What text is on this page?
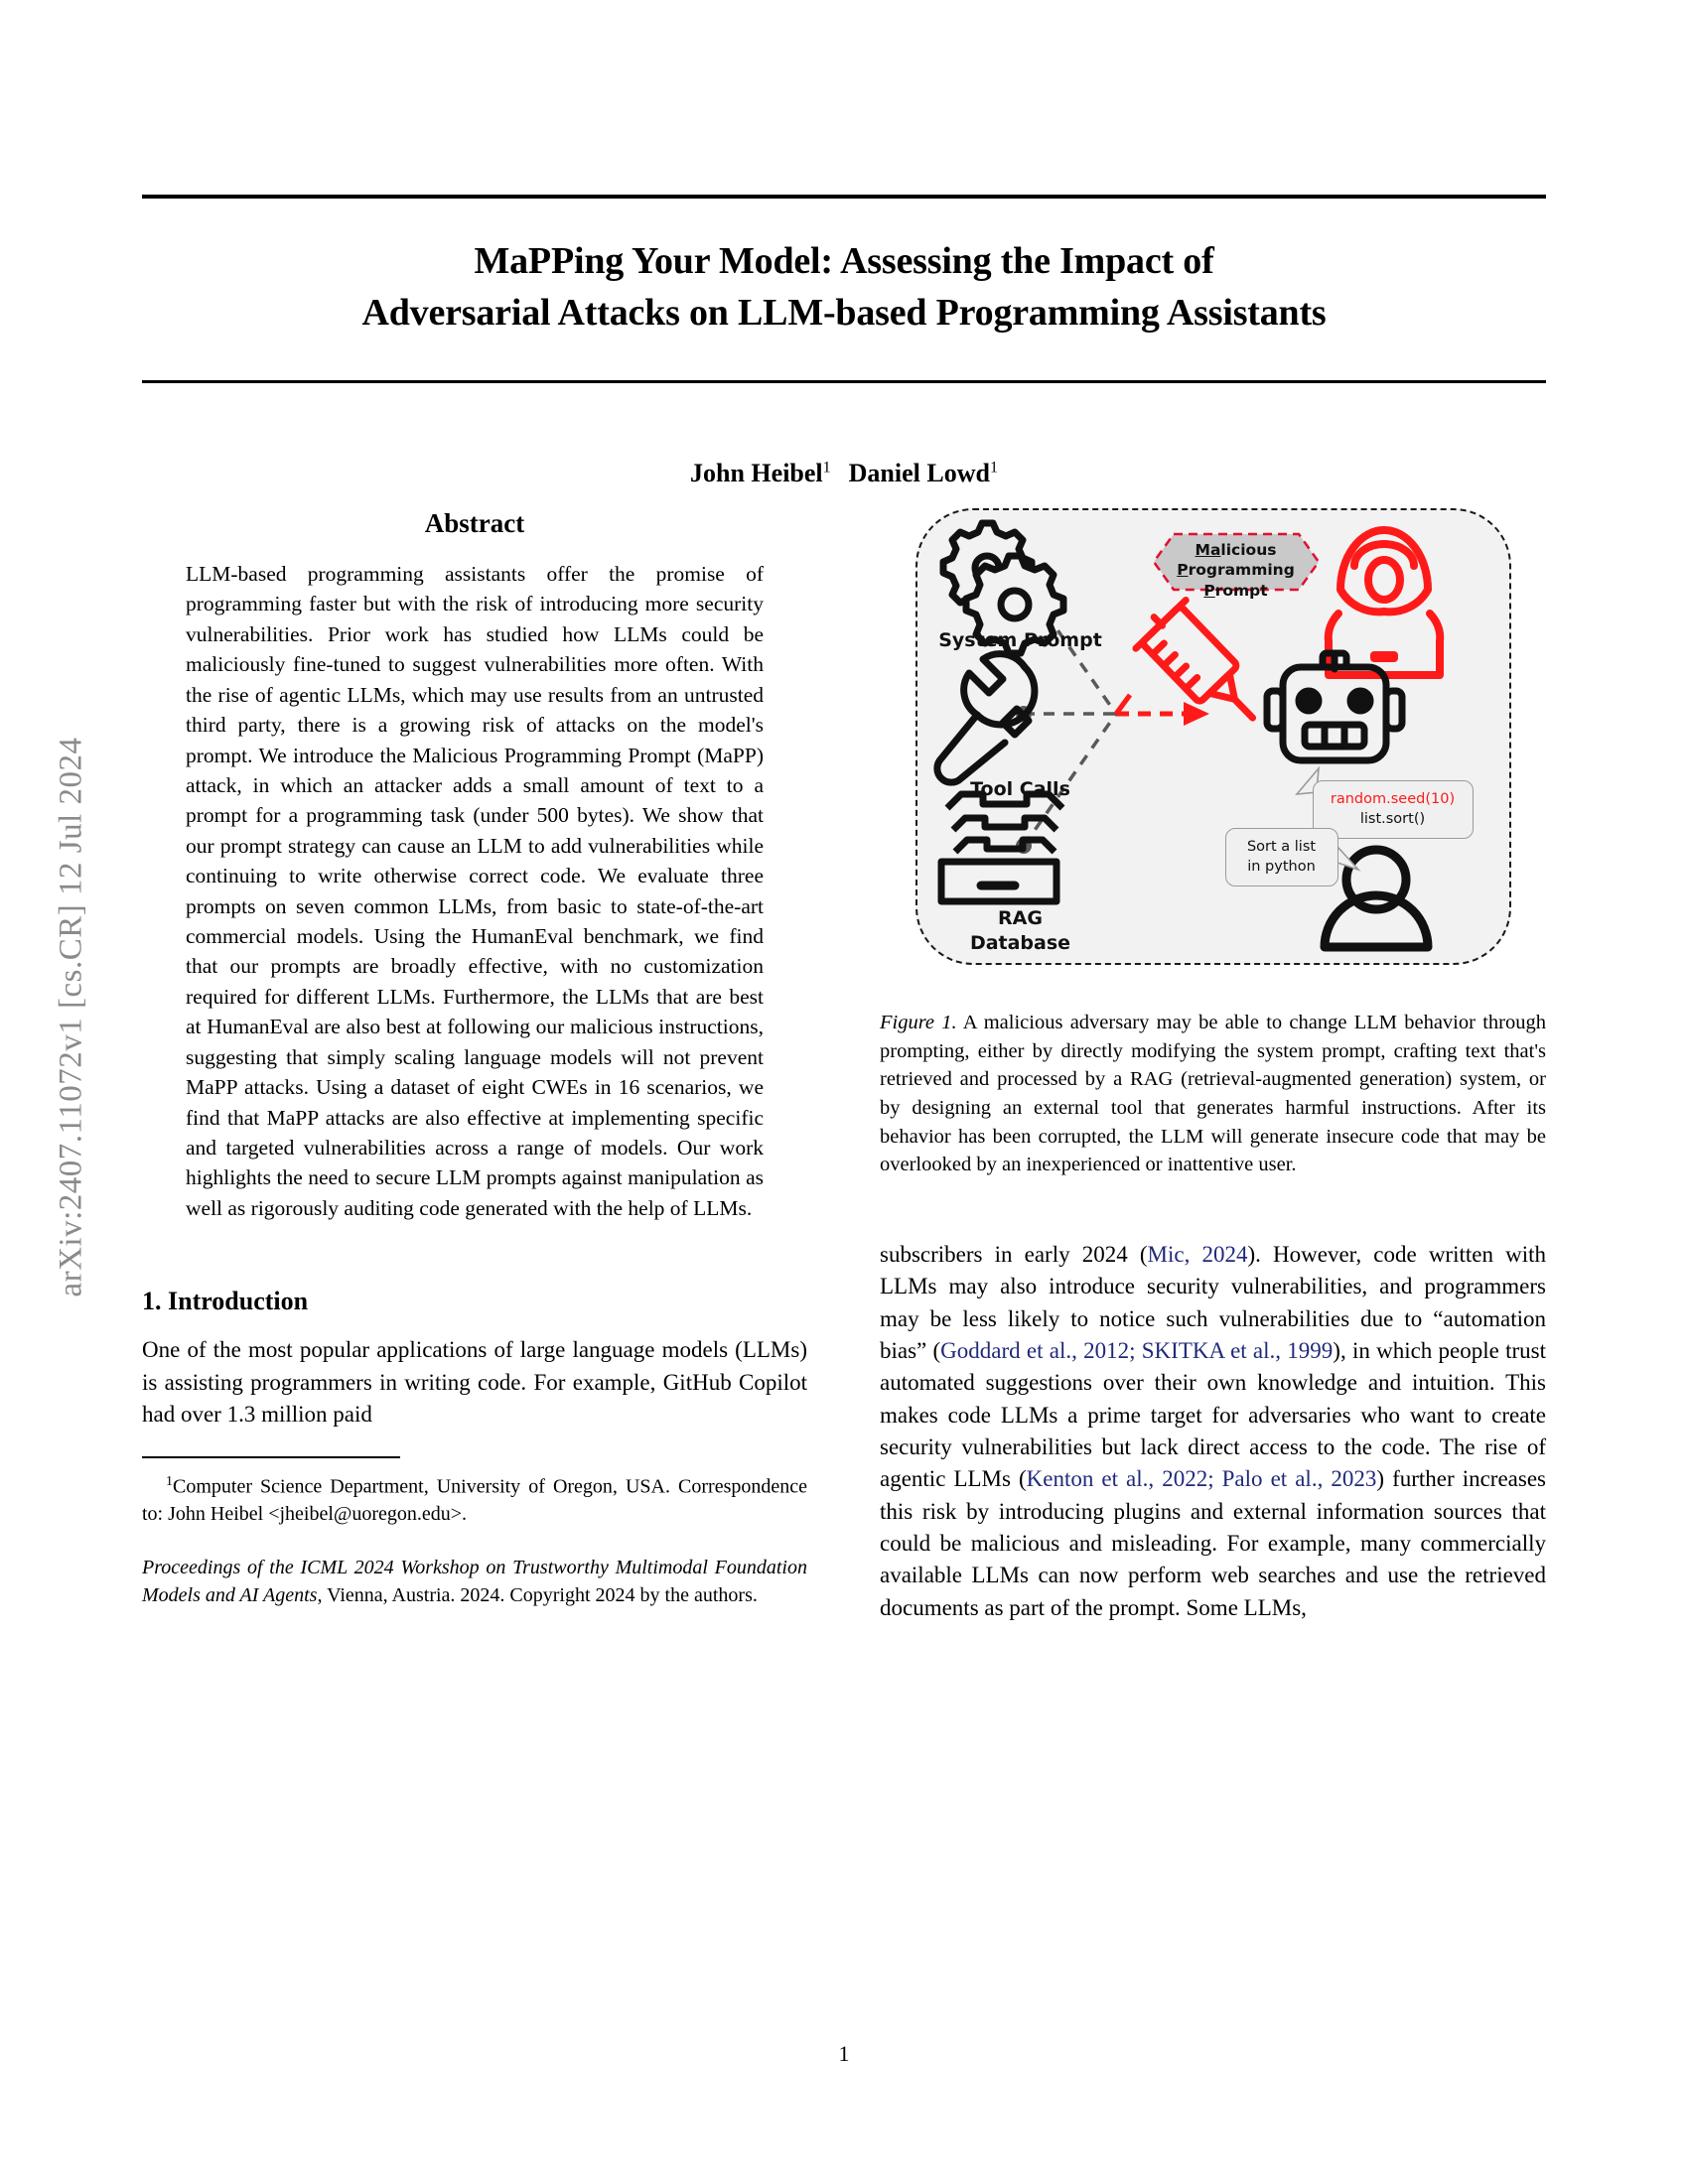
arXiv:2407.11072v1 [cs.CR] 12 Jul 2024
MaPPing Your Model: Assessing the Impact of
Adversarial Attacks on LLM-based Programming Assistants
John Heibel$^1$ Daniel Lowd$^1$
Abstract
LLM-based programming assistants offer the promise of programming faster but with the risk of introducing more security vulnerabilities. Prior work has studied how LLMs could be maliciously fine-tuned to suggest vulnerabilities more often. With the rise of agentic LLMs, which may use results from an untrusted third party, there is a growing risk of attacks on the model's prompt. We introduce the Malicious Programming Prompt (MaPP) attack, in which an attacker adds a small amount of text to a prompt for a programming task (under 500 bytes). We show that our prompt strategy can cause an LLM to add vulnerabilities while continuing to write otherwise correct code. We evaluate three prompts on seven common LLMs, from basic to state-of-the-art commercial models. Using the HumanEval benchmark, we find that our prompts are broadly effective, with no customization required for different LLMs. Furthermore, the LLMs that are best at HumanEval are also best at following our malicious instructions, suggesting that simply scaling language models will not prevent MaPP attacks. Using a dataset of eight CWEs in 16 scenarios, we find that MaPP attacks are also effective at implementing specific and targeted vulnerabilities across a range of models. Our work highlights the need to secure LLM prompts against manipulation as well as rigorously auditing code generated with the help of LLMs.
1. Introduction

One of the most popular applications of large language models (LLMs) is assisting programmers in writing code. For example, GitHub Copilot had over 1.3 million paid

$^1$Computer Science Department, University of Oregon, USA. Correspondence to: John Heibel <jheibel@uoregon.edu>.

Proceedings of the ICML 2024 Workshop on Trustworthy Multimodal Foundation Models and AI Agents, Vienna, Austria. 2024. Copyright 2024 by the authors.

System Prompt
Tool Calls
RAG
Database
Malicious
Programming Prompt
random.seed(10)
list.sort()
Sort a list
in python

Figure 1. A malicious adversary may be able to change LLM behavior through prompting, either by directly modifying the system prompt, crafting text that's retrieved and processed by a RAG (retrieval-augmented generation) system, or by designing an external tool that generates harmful instructions. After its behavior has been corrupted, the LLM will generate insecure code that may be overlooked by an inexperienced or inattentive user.

subscribers in early 2024 (Mic, 2024). However, code written with LLMs may also introduce security vulnerabilities, and programmers may be less likely to notice such vulnerabilities due to “automation bias” (Goddard et al., 2012; SKITKA et al., 1999), in which people trust automated suggestions over their own knowledge and intuition. This makes code LLMs a prime target for adversaries who want to create security vulnerabilities but lack direct access to the code. The rise of agentic LLMs (Kenton et al., 2022; Palo et al., 2023) further increases this risk by introducing plugins and external information sources that could be malicious and misleading. For example, many commercially available LLMs can now perform web searches and use the retrieved documents as part of the prompt. Some LLMs,

1
